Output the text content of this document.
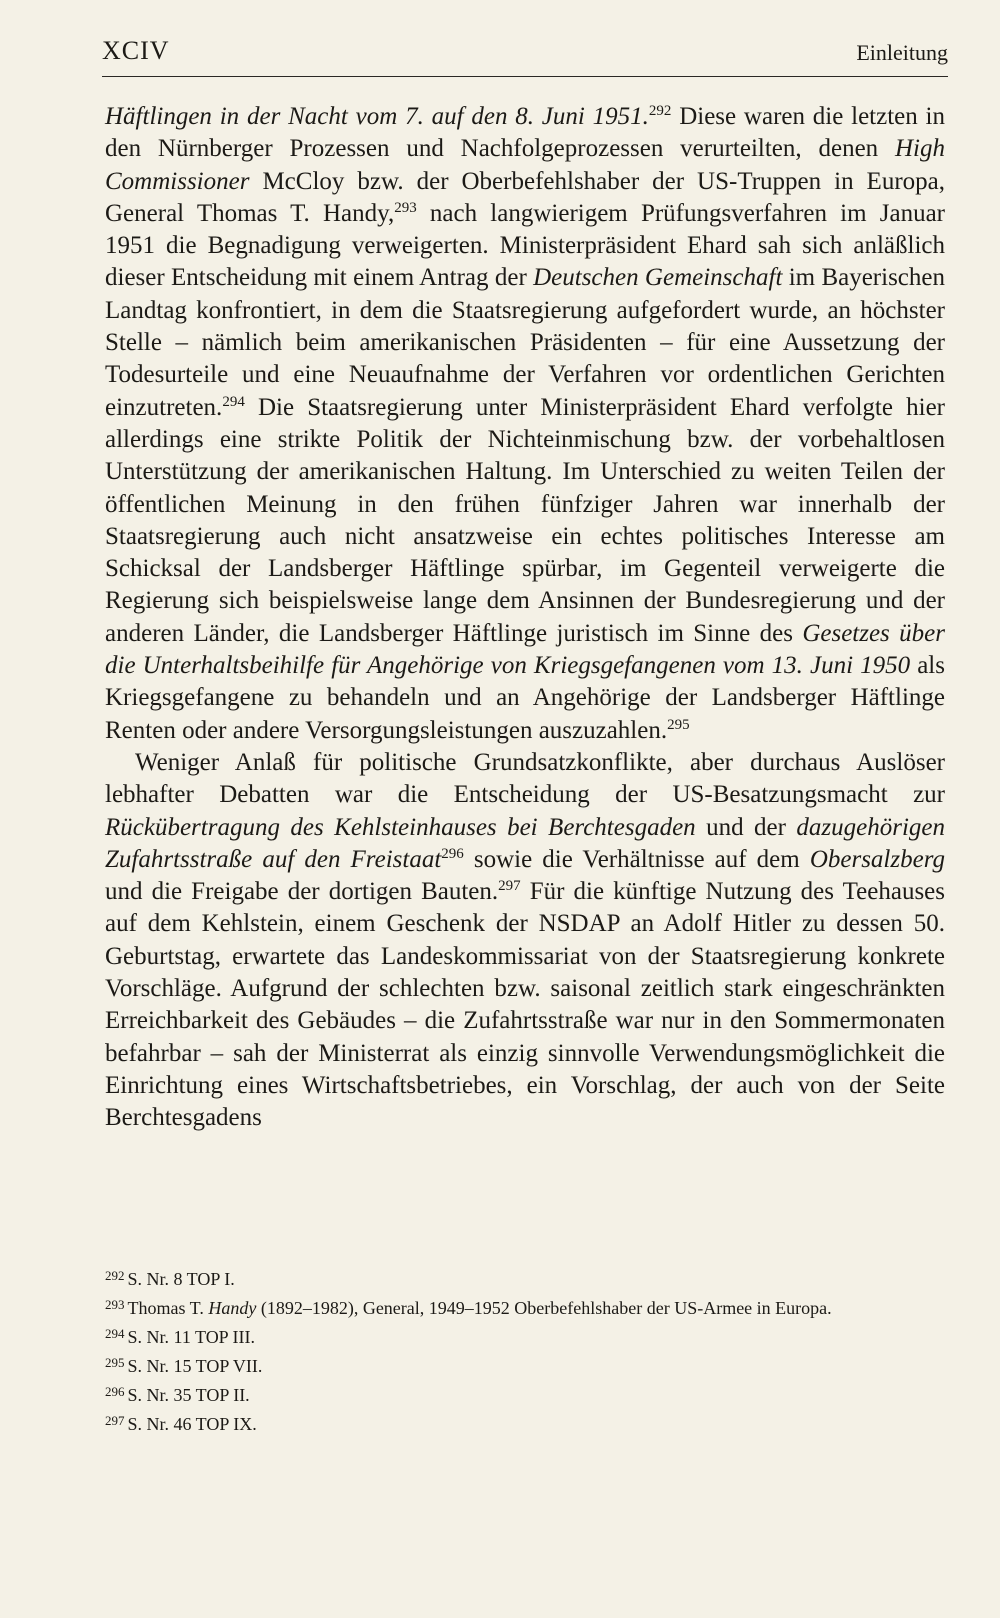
XCIV	Einleitung

Häftlingen in der Nacht vom 7. auf den 8. Juni 1951.$^{292}$ Diese waren die letzten in den Nürnberger Prozessen und Nachfolgeprozessen verurteilten, denen High Commissioner McCloy bzw. der Oberbefehlshaber der US-Truppen in Europa, General Thomas T. Handy,$^{293}$ nach langwierigem Prüfungsverfahren im Januar 1951 die Begnadigung verweigerten. Ministerpräsident Ehard sah sich anläßlich dieser Entscheidung mit einem Antrag der Deutschen Gemeinschaft im Bayerischen Landtag konfrontiert, in dem die Staatsregierung aufgefordert wurde, an höchster Stelle – nämlich beim amerikanischen Präsidenten – für eine Aussetzung der Todesurteile und eine Neuaufnahme der Verfahren vor ordentlichen Gerichten einzutreten.$^{294}$ Die Staatsregierung unter Ministerpräsident Ehard verfolgte hier allerdings eine strikte Politik der Nichteinmischung bzw. der vorbehaltlosen Unterstützung der amerikanischen Haltung. Im Unterschied zu weiten Teilen der öffentlichen Meinung in den frühen fünfziger Jahren war innerhalb der Staatsregierung auch nicht ansatzweise ein echtes politisches Interesse am Schicksal der Landsberger Häftlinge spürbar, im Gegenteil verweigerte die Regierung sich beispielsweise lange dem Ansinnen der Bundesregierung und der anderen Länder, die Landsberger Häftlinge juristisch im Sinne des Gesetzes über die Unterhaltsbeihilfe für Angehörige von Kriegsgefangenen vom 13. Juni 1950 als Kriegsgefangene zu behandeln und an Angehörige der Landsberger Häftlinge Renten oder andere Versorgungsleistungen auszuzahlen.$^{295}$

Weniger Anlaß für politische Grundsatzkonflikte, aber durchaus Auslöser lebhafter Debatten war die Entscheidung der US-Besatzungsmacht zur Rückübertragung des Kehlsteinhauses bei Berchtesgaden und der dazugehörigen Zufahrtsstraße auf den Freistaat$^{296}$ sowie die Verhältnisse auf dem Obersalzberg und die Freigabe der dortigen Bauten.$^{297}$ Für die künftige Nutzung des Teehauses auf dem Kehlstein, einem Geschenk der NSDAP an Adolf Hitler zu dessen 50. Geburtstag, erwartete das Landeskommissariat von der Staatsregierung konkrete Vorschläge. Aufgrund der schlechten bzw. saisonal zeitlich stark eingeschränkten Erreichbarkeit des Gebäudes – die Zufahrtsstraße war nur in den Sommermonaten befahrbar – sah der Ministerrat als einzig sinnvolle Verwendungsmöglichkeit die Einrichtung eines Wirtschaftsbetriebes, ein Vorschlag, der auch von der Seite Berchtesgadens

$^{292}$ S. Nr. 8 TOP I.
$^{293}$ Thomas T. Handy (1892–1982), General, 1949–1952 Oberbefehlshaber der US-Armee in Europa.
$^{294}$ S. Nr. 11 TOP III.
$^{295}$ S. Nr. 15 TOP VII.
$^{296}$ S. Nr. 35 TOP II.
$^{297}$ S. Nr. 46 TOP IX.
